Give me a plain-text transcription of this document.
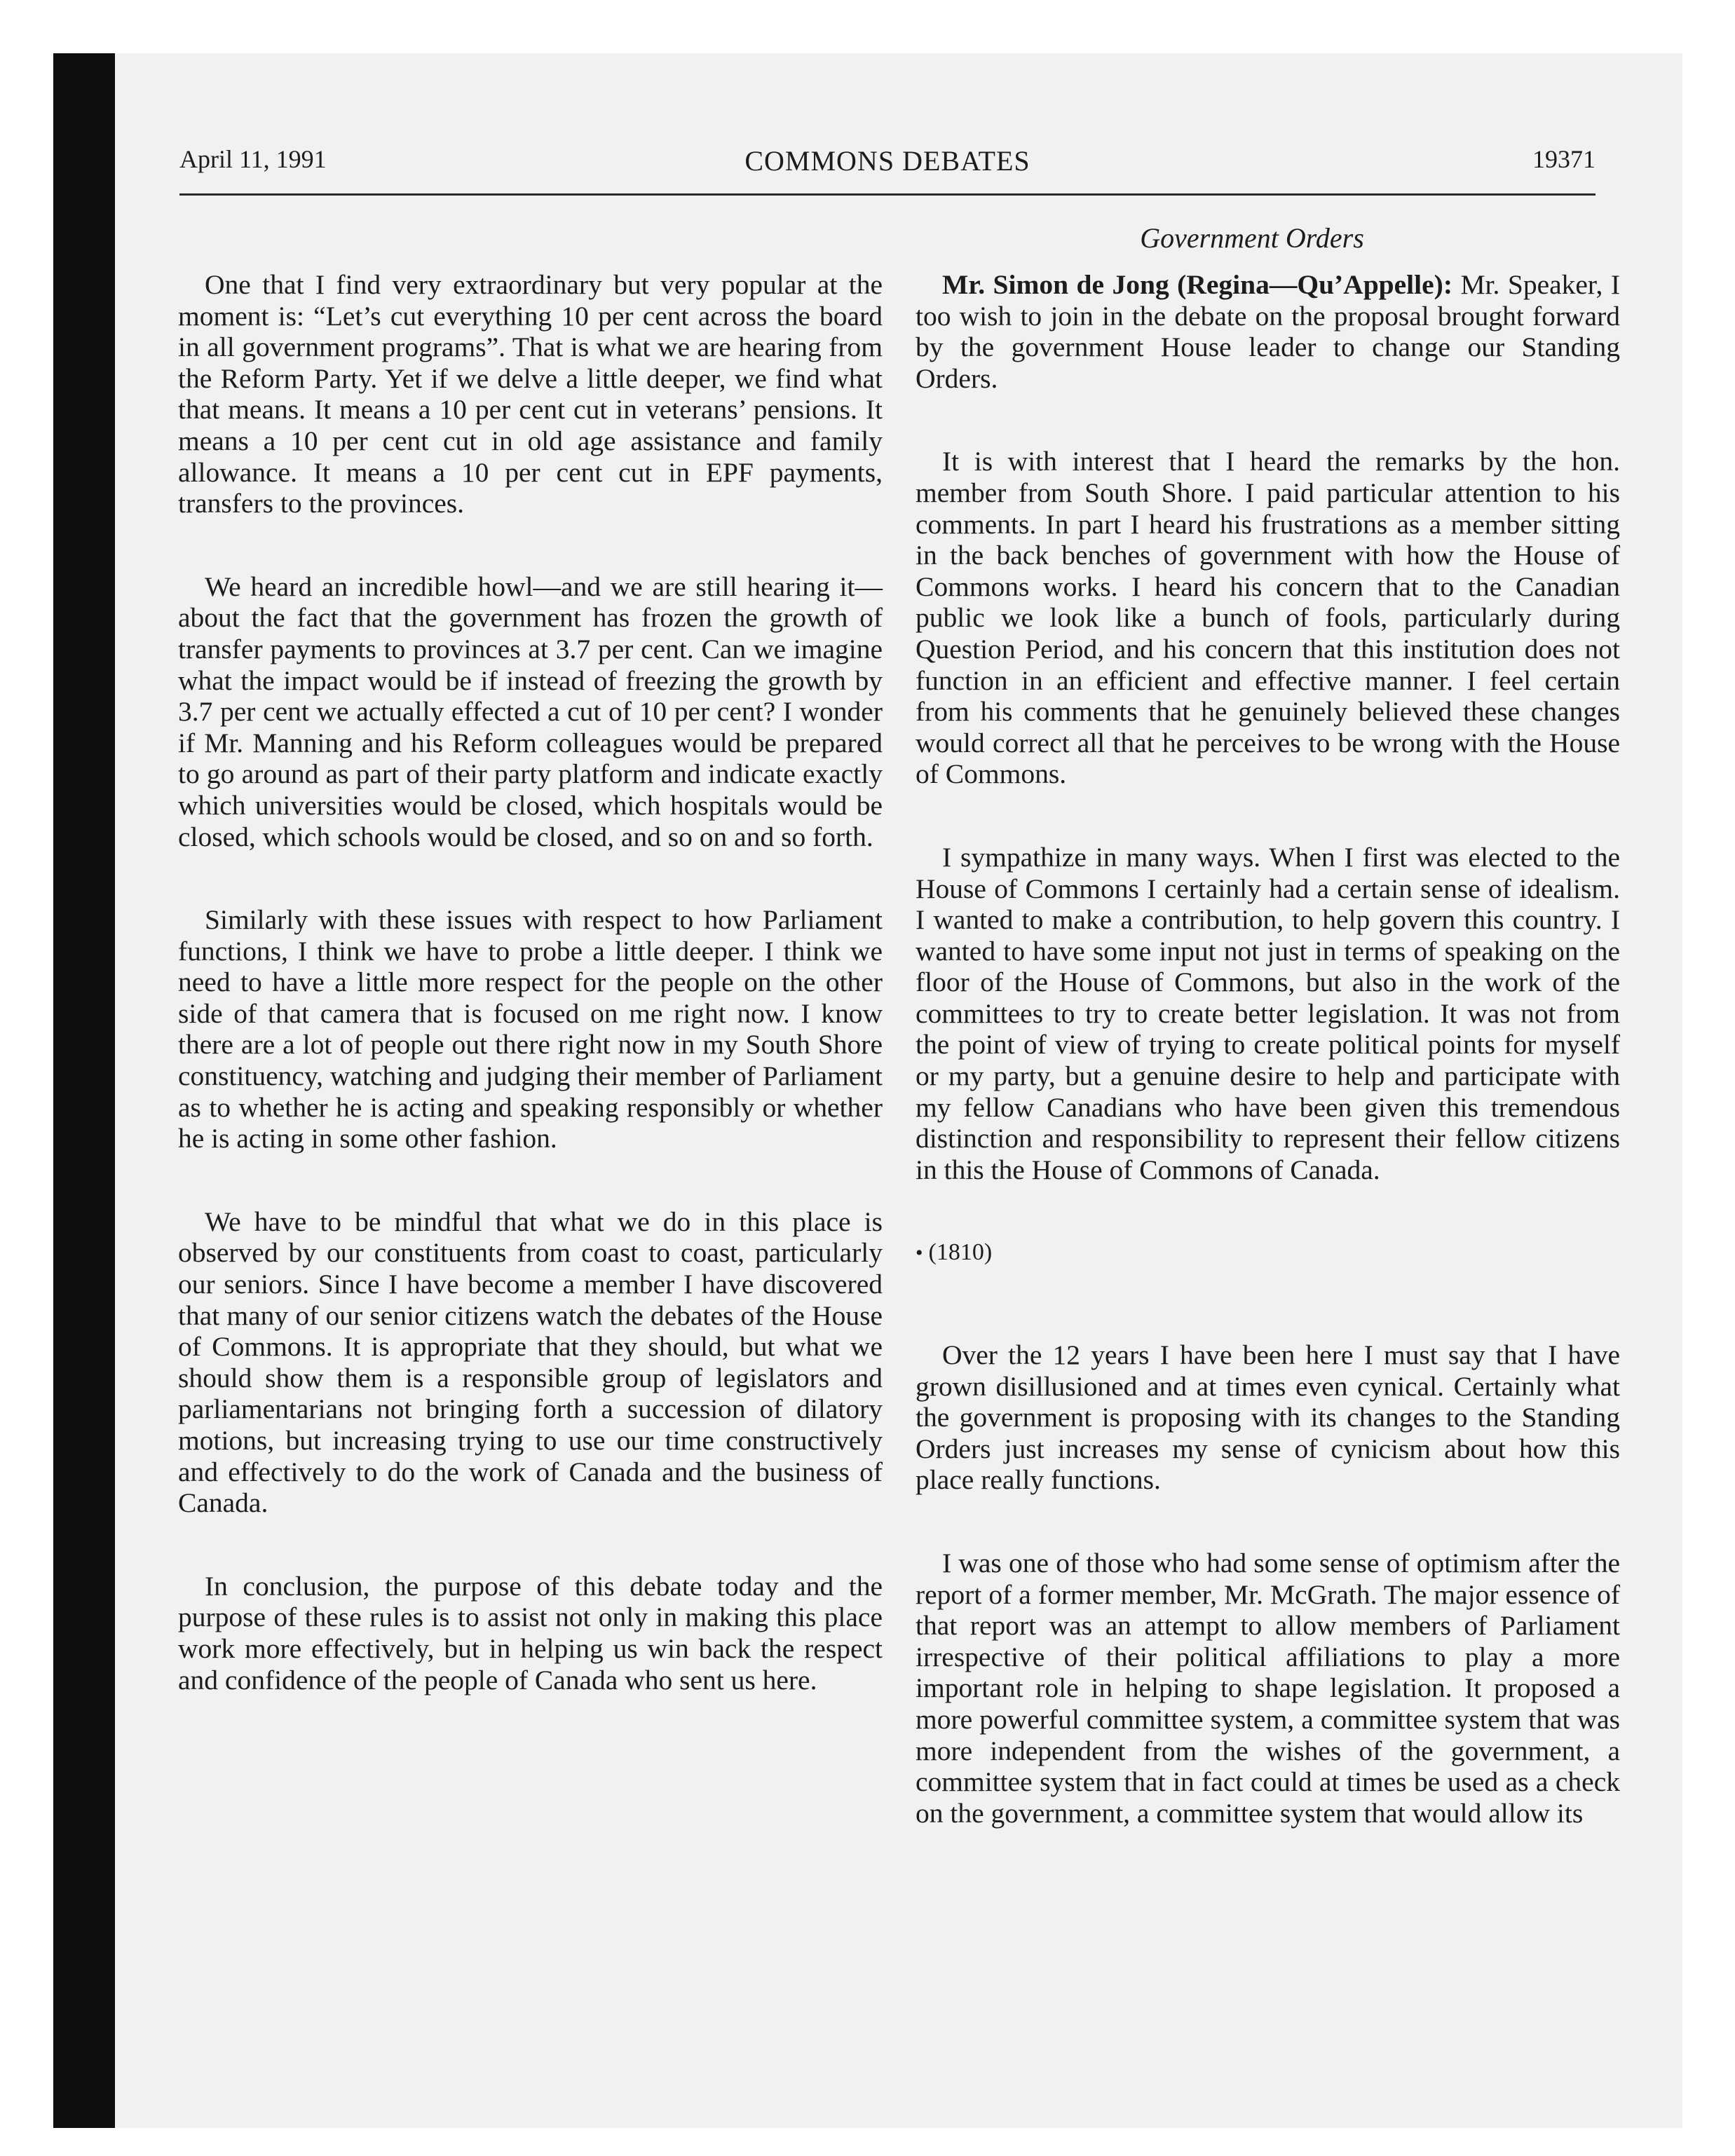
COMMONS DEBATES
April 11, 1991	19371
Government Orders

One that I find very extraordinary but very popular at the moment is: “Let’s cut everything 10 per cent across the board in all government programs”. That is what we are hearing from the Reform Party. Yet if we delve a little deeper, we find what that means. It means a 10 per cent cut in veterans’ pensions. It means a 10 per cent cut in old age assistance and family allowance. It means a 10 per cent cut in EPF payments, transfers to the provinces.

We heard an incredible howl—and we are still hearing it—about the fact that the government has frozen the growth of transfer payments to provinces at 3.7 per cent. Can we imagine what the impact would be if instead of freezing the growth by 3.7 per cent we actually effected a cut of 10 per cent? I wonder if Mr. Manning and his Reform colleagues would be prepared to go around as part of their party platform and indicate exactly which universities would be closed, which hospitals would be closed, which schools would be closed, and so on and so forth.

Similarly with these issues with respect to how Parliament functions, I think we have to probe a little deeper. I think we need to have a little more respect for the people on the other side of that camera that is focused on me right now. I know there are a lot of people out there right now in my South Shore constituency, watching and judging their member of Parliament as to whether he is acting and speaking responsibly or whether he is acting in some other fashion.

We have to be mindful that what we do in this place is observed by our constituents from coast to coast, particularly our seniors. Since I have become a member I have discovered that many of our senior citizens watch the debates of the House of Commons. It is appropriate that they should, but what we should show them is a responsible group of legislators and parliamentarians not bringing forth a succession of dilatory motions, but increasing trying to use our time constructively and effectively to do the work of Canada and the business of Canada.

In conclusion, the purpose of this debate today and the purpose of these rules is to assist not only in making this place work more effectively, but in helping us win back the respect and confidence of the people of Canada who sent us here.

Mr. Simon de Jong (Regina—Qu’Appelle): Mr. Speaker, I too wish to join in the debate on the proposal brought forward by the government House leader to change our Standing Orders.

It is with interest that I heard the remarks by the hon. member from South Shore. I paid particular attention to his comments. In part I heard his frustrations as a member sitting in the back benches of government with how the House of Commons works. I heard his concern that to the Canadian public we look like a bunch of fools, particularly during Question Period, and his concern that this institution does not function in an efficient and effective manner. I feel certain from his comments that he genuinely believed these changes would correct all that he perceives to be wrong with the House of Commons.

I sympathize in many ways. When I first was elected to the House of Commons I certainly had a certain sense of idealism. I wanted to make a contribution, to help govern this country. I wanted to have some input not just in terms of speaking on the floor of the House of Commons, but also in the work of the committees to try to create better legislation. It was not from the point of view of trying to create political points for myself or my party, but a genuine desire to help and participate with my fellow Canadians who have been given this tremendous distinction and responsibility to represent their fellow citizens in this the House of Commons of Canada.

• (1810)

Over the 12 years I have been here I must say that I have grown disillusioned and at times even cynical. Certainly what the government is proposing with its changes to the Standing Orders just increases my sense of cynicism about how this place really functions.

I was one of those who had some sense of optimism after the report of a former member, Mr. McGrath. The major essence of that report was an attempt to allow members of Parliament irrespective of their political affiliations to play a more important role in helping to shape legislation. It proposed a more powerful committee system, a committee system that was more independent from the wishes of the government, a committee system that in fact could at times be used as a check on the government, a committee system that would allow its
